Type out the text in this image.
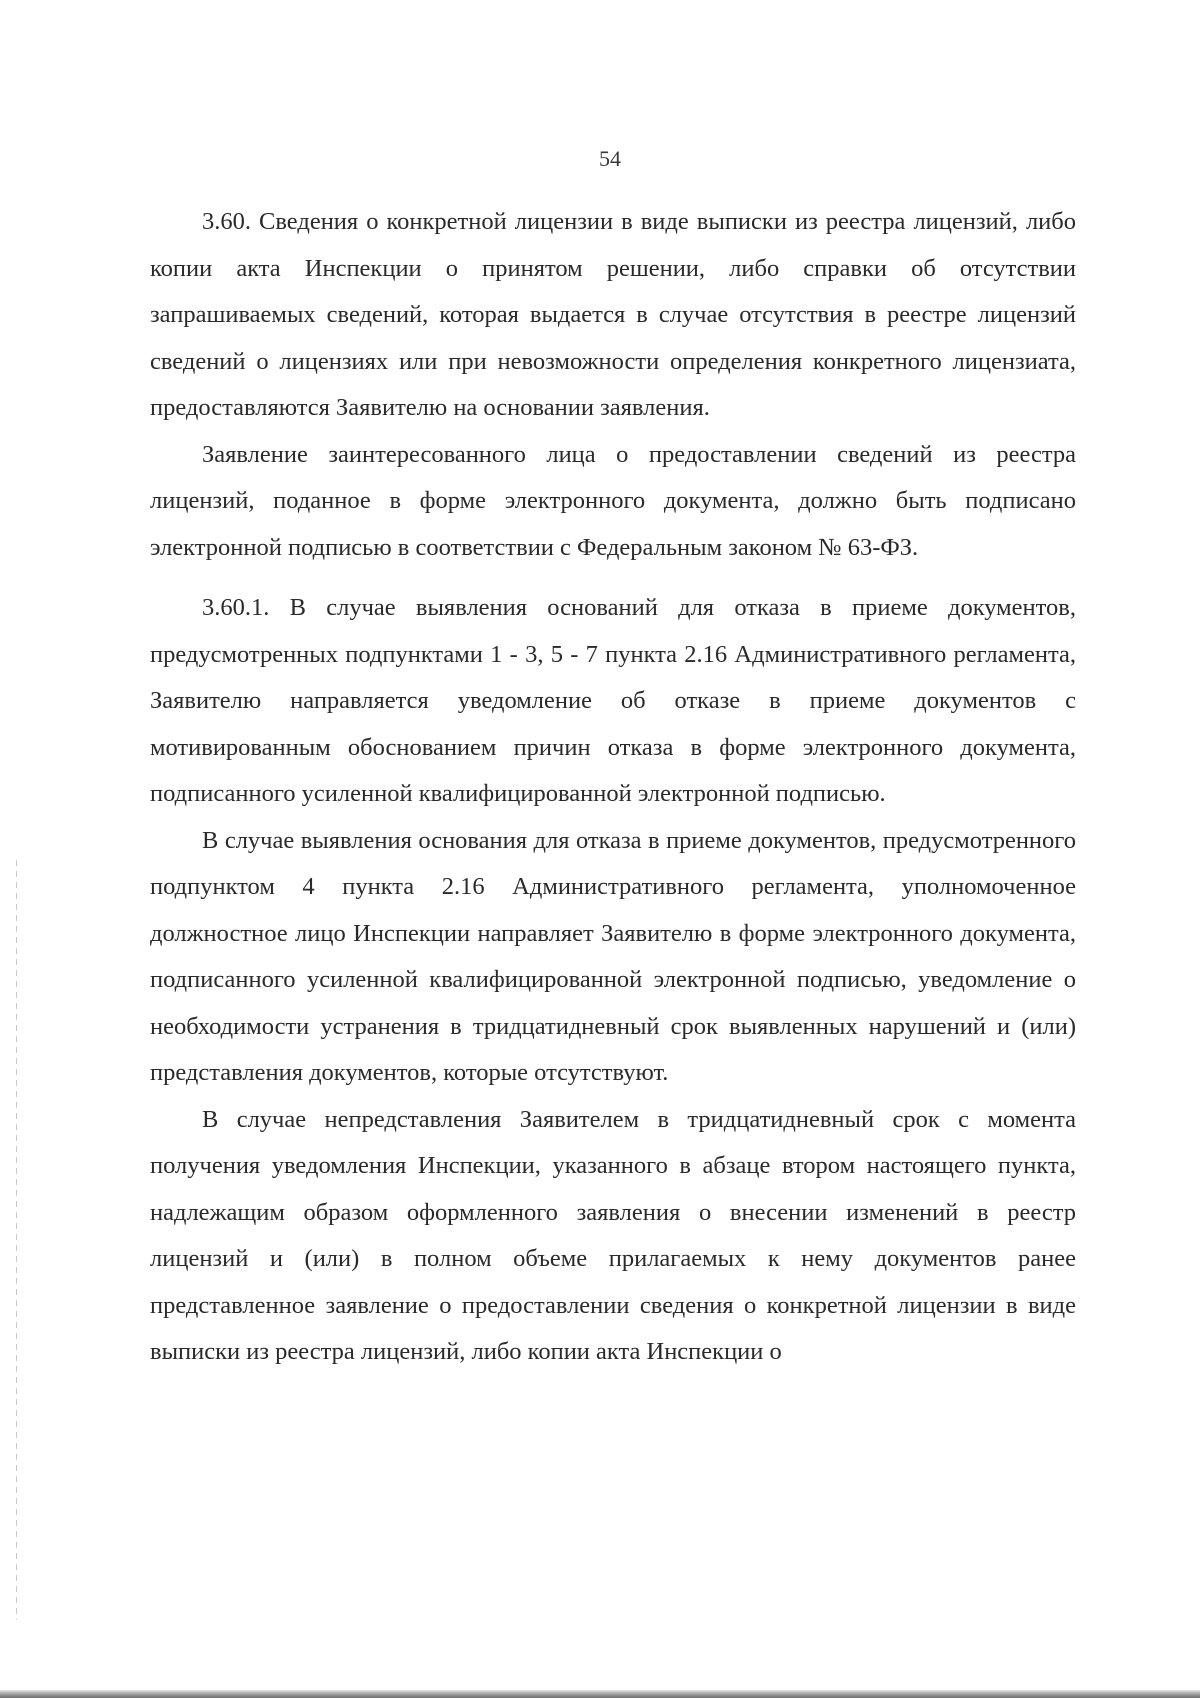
54

3.60. Сведения о конкретной лицензии в виде выписки из реестра лицензий, либо копии акта Инспекции о принятом решении, либо справки об отсутствии запрашиваемых сведений, которая выдается в случае отсутствия в реестре лицензий сведений о лицензиях или при невозможности определения конкретного лицензиата, предоставляются Заявителю на основании заявления.

Заявление заинтересованного лица о предоставлении сведений из реестра лицензий, поданное в форме электронного документа, должно быть подписано электронной подписью в соответствии с Федеральным законом № 63-ФЗ.

3.60.1. В случае выявления оснований для отказа в приеме документов, предусмотренных подпунктами 1 - 3, 5 - 7 пункта 2.16 Административного регламента, Заявителю направляется уведомление об отказе в приеме документов с мотивированным обоснованием причин отказа в форме электронного документа, подписанного усиленной квалифицированной электронной подписью.

В случае выявления основания для отказа в приеме документов, предусмотренного подпунктом 4 пункта 2.16 Административного регламента, уполномоченное должностное лицо Инспекции направляет Заявителю в форме электронного документа, подписанного усиленной квалифицированной электронной подписью, уведомление о необходимости устранения в тридцатидневный срок выявленных нарушений и (или) представления документов, которые отсутствуют.

В случае непредставления Заявителем в тридцатидневный срок с момента получения уведомления Инспекции, указанного в абзаце втором настоящего пункта, надлежащим образом оформленного заявления о внесении изменений в реестр лицензий и (или) в полном объеме прилагаемых к нему документов ранее представленное заявление о предоставлении сведения о конкретной лицензии в виде выписки из реестра лицензий, либо копии акта Инспекции о
